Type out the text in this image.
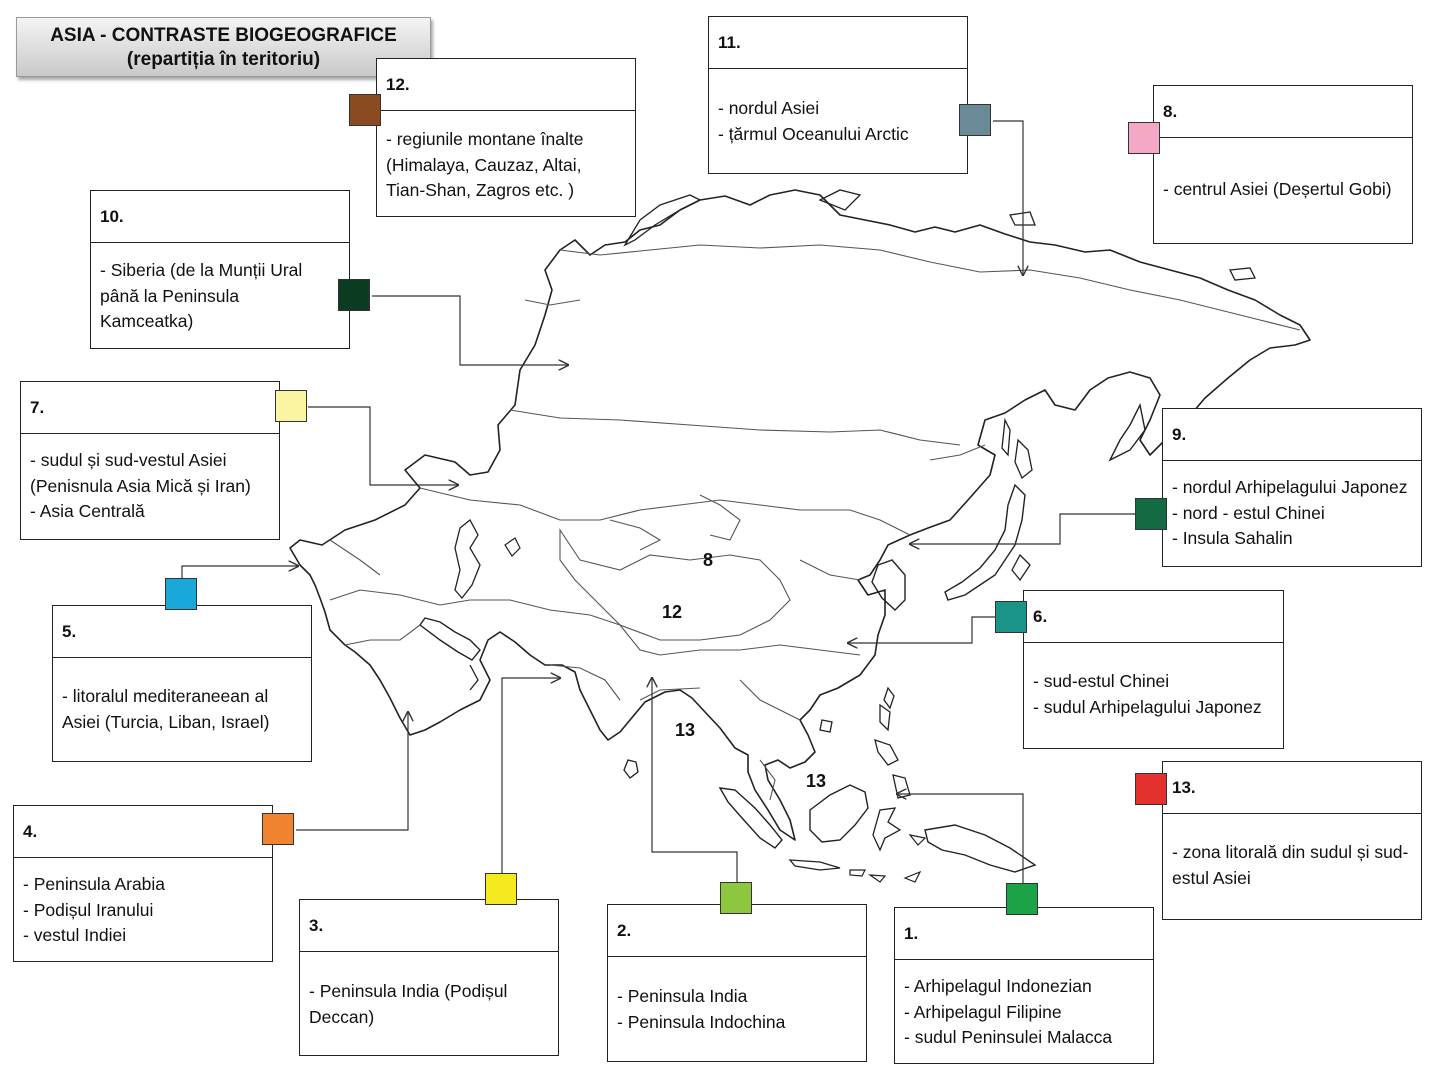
8
12
13
13
ASIA - CONTRASTE BIOGEOGRAFICE
(repartiția în teritoriu)
12.
- regiunile montane înalte
(Himalaya, Cauzaz, Altai,
Tian-Shan, Zagros etc. )
11.
- nordul Asiei
- țărmul Oceanului Arctic
8.
- centrul Asiei (Deșertul Gobi)
10.
- Siberia (de la Munții Ural
până la Peninsula
Kamceatka)
7.
- sudul și sud-vestul Asiei
(Penisnula Asia Mică și Iran)
- Asia Centrală
9.
- nordul Arhipelagului Japonez
- nord - estul Chinei
- Insula Sahalin
5.
- litoralul mediteraneean al
Asiei (Turcia, Liban, Israel)
6.
- sud-estul Chinei
- sudul Arhipelagului Japonez
13.
- zona litorală din sudul și sud-
estul Asiei
4.
- Peninsula Arabia
- Podișul Iranului
- vestul Indiei	3.
- Peninsula India (Podișul
Deccan)
2.
- Peninsula India
- Peninsula Indochina
1.
- Arhipelagul Indonezian
- Arhipelagul Filipine
- sudul Peninsulei Malacca
